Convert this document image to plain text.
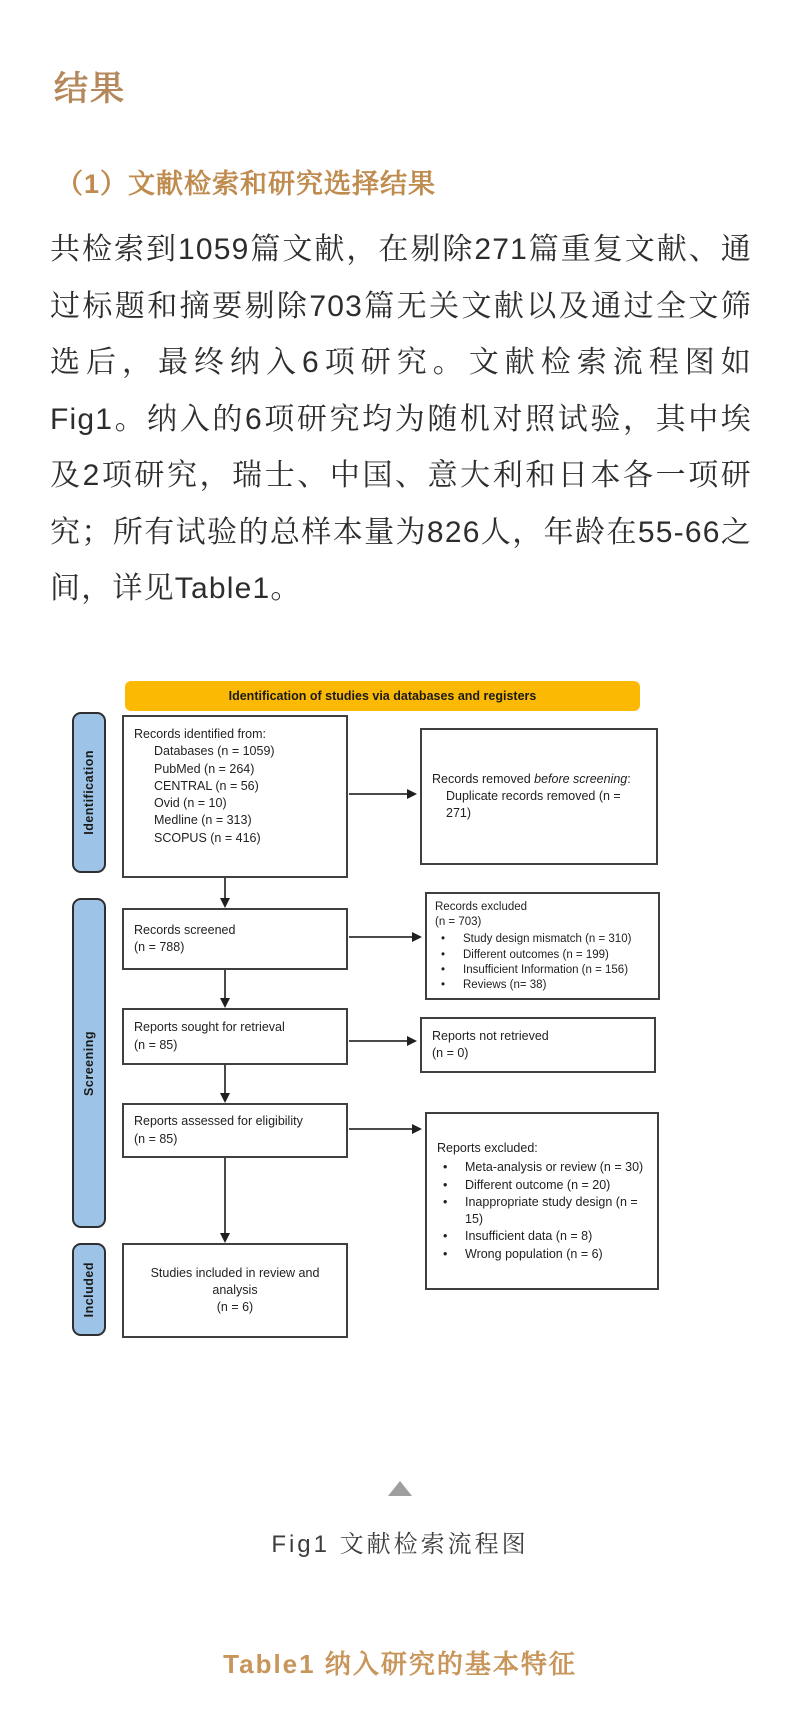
结果
（1）文献检索和研究选择结果

共检索到1059篇文献，在剔除271篇重复文献、通过标题和摘要剔除703篇无关文献以及通过全文筛选后，最终纳入6项研究。文献检索流程图如 Fig1。纳入的6项研究均为随机对照试验，其中埃及2项研究，瑞士、中国、意大利和日本各一项研究；所有试验的总样本量为826人，年龄在55-66之间，详见Table1。

Identification of studies via databases and registers
Identification
Screening
Included
Records identified from:
Databases (n = 1059)
PubMed (n = 264)
CENTRAL (n = 56)
Ovid (n = 10)
Medline (n = 313)
SCOPUS (n = 416)
Records removed before screening:
Duplicate records removed (n = 271)
Records screened
(n = 788)
Records excluded
(n = 703)
• Study design mismatch (n = 310)
• Different outcomes (n = 199)
• Insufficient Information (n = 156)
• Reviews (n= 38)
Reports sought for retrieval
(n = 85)
Reports not retrieved
(n = 0)
Reports assessed for eligibility
(n = 85)
Reports excluded:
• Meta-analysis or review (n = 30)
• Different outcome (n = 20)
• Inappropriate study design (n = 15)
• Insufficient data (n = 8)
• Wrong population (n = 6)
Studies included in review and analysis
(n = 6)
Fig1 文献检索流程图
Table1 纳入研究的基本特征
